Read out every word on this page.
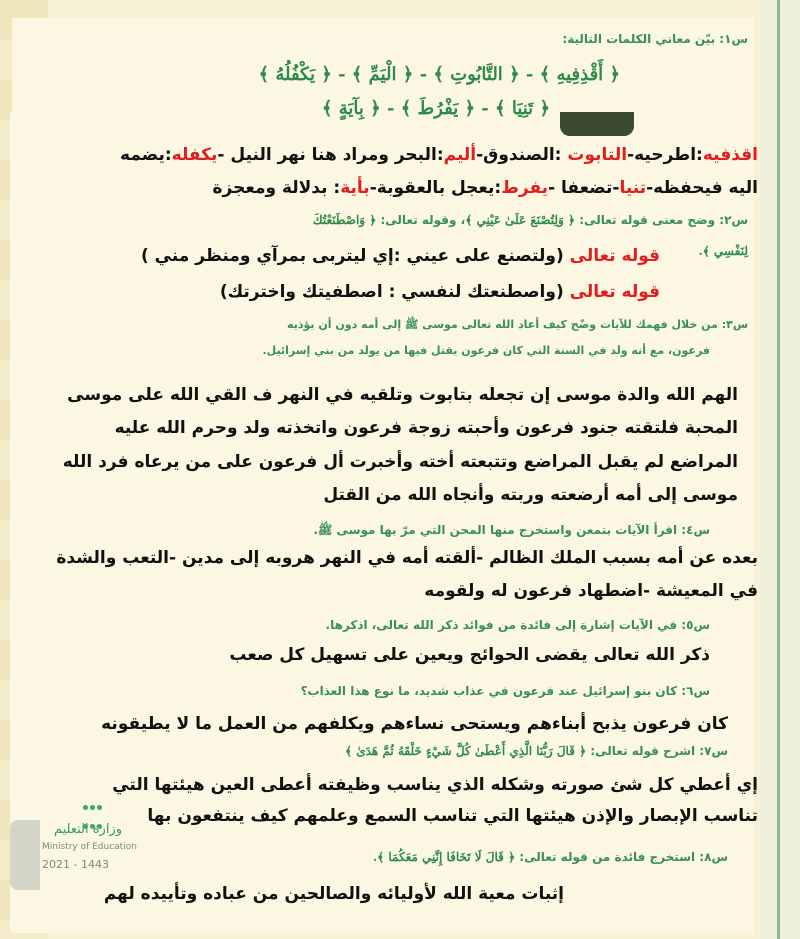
س١: بيّن معاني الكلمات التالية:
﴿ أَقْذِفِيهِ ﴾ - ﴿ التَّابُوتِ ﴾ - ﴿ الْيَمِّ ﴾ - ﴿ يَكْفُلُهُ ﴾
﴿ تَنِيَا ﴾ - ﴿ يَفْرُطَ ﴾ - ﴿ بِآيَةٍ ﴾
اقذفيه:اطرحيه-التابوت :الصندوق-أليم:البحر ومراد هنا نهر النيل -يكفله:يضمه
اليه فيحفظه-تنيا-تضعفا -يفرط:يعجل بالعقوبة-بأية: بدلالة ومعجزة
س٢: وضح معنى قوله تعالى: ﴿ وَلِتُصْنَعَ عَلَىٰ عَيْنِي ﴾، وقوله تعالى: ﴿ وَاصْطَنَعْتُكَ
لِنَفْسِي ﴾.
قوله تعالى (ولتصنع على عيني :إي ليتربى بمرآي ومنظر مني )
قوله تعالى (واصطنعتك لنفسي : اصطفيتك واخترتك)
س٣: من خلال فهمك للآيات وضّح كيف أعاد الله تعالى موسى ﷺ إلى أمه دون أن يؤذيه
فرعون، مع أنه ولد في السنة التي كان فرعون يقتل فيها من يولد من بني إسرائيل.
الهم الله والدة موسى إن تجعله بتابوت وتلقيه في النهر ف القي الله على موسى
المحبة فلتقته جنود فرعون وأحبته زوجة فرعون واتخذته ولد وحرم الله عليه
المراضع لم يقبل المراضع وتتبعته أخته وأخبرت أل فرعون على من يرعاه فرد الله
موسى إلى أمه أرضعته وربته وأنجاه الله من القتل
س٤: اقرأ الآيات بتمعن واستخرج منها المحن التي مرّ بها موسى ﷺ.
بعده عن أمه بسبب الملك الظالم -ألقته أمه في النهر هروبه إلى مدين -التعب والشدة
في المعيشة -اضطهاد فرعون له ولقومه
س٥: في الآيات إشارة إلى فائدة من فوائد ذكر الله تعالى، اذكرها.
ذكر الله تعالى يقضى الحوائج ويعين على تسهيل كل صعب
س٦: كان بنو إسرائيل عند فرعون في عذاب شديد، ما نوع هذا العذاب؟
كان فرعون يذبح أبناءهم ويستحى نساءهم ويكلفهم من العمل ما لا يطيقونه
س٧: اشرح قوله تعالى: ﴿ قَالَ رَبُّنَا الَّذِي أَعْطَىٰ كُلَّ شَيْءٍ خَلْقَهُ ثُمَّ هَدَىٰ ﴾
إي أعطي كل شئ صورته وشكله الذي يناسب وظيفته أعطى العين هيئتها التي
تناسب الإبصار والإذن هيئتها التي تناسب السمع وعلمهم كيف ينتفعون بها
س٨: استخرج فائدة من قوله تعالى: ﴿ قَالَ لَا تَخَافَا إِنَّنِي مَعَكُمَا ﴾.
إثبات معية الله لأوليائه والصالحين من عباده وتأييده لهم

وزارة التعليم
Ministry of Education
2021 - 1443
